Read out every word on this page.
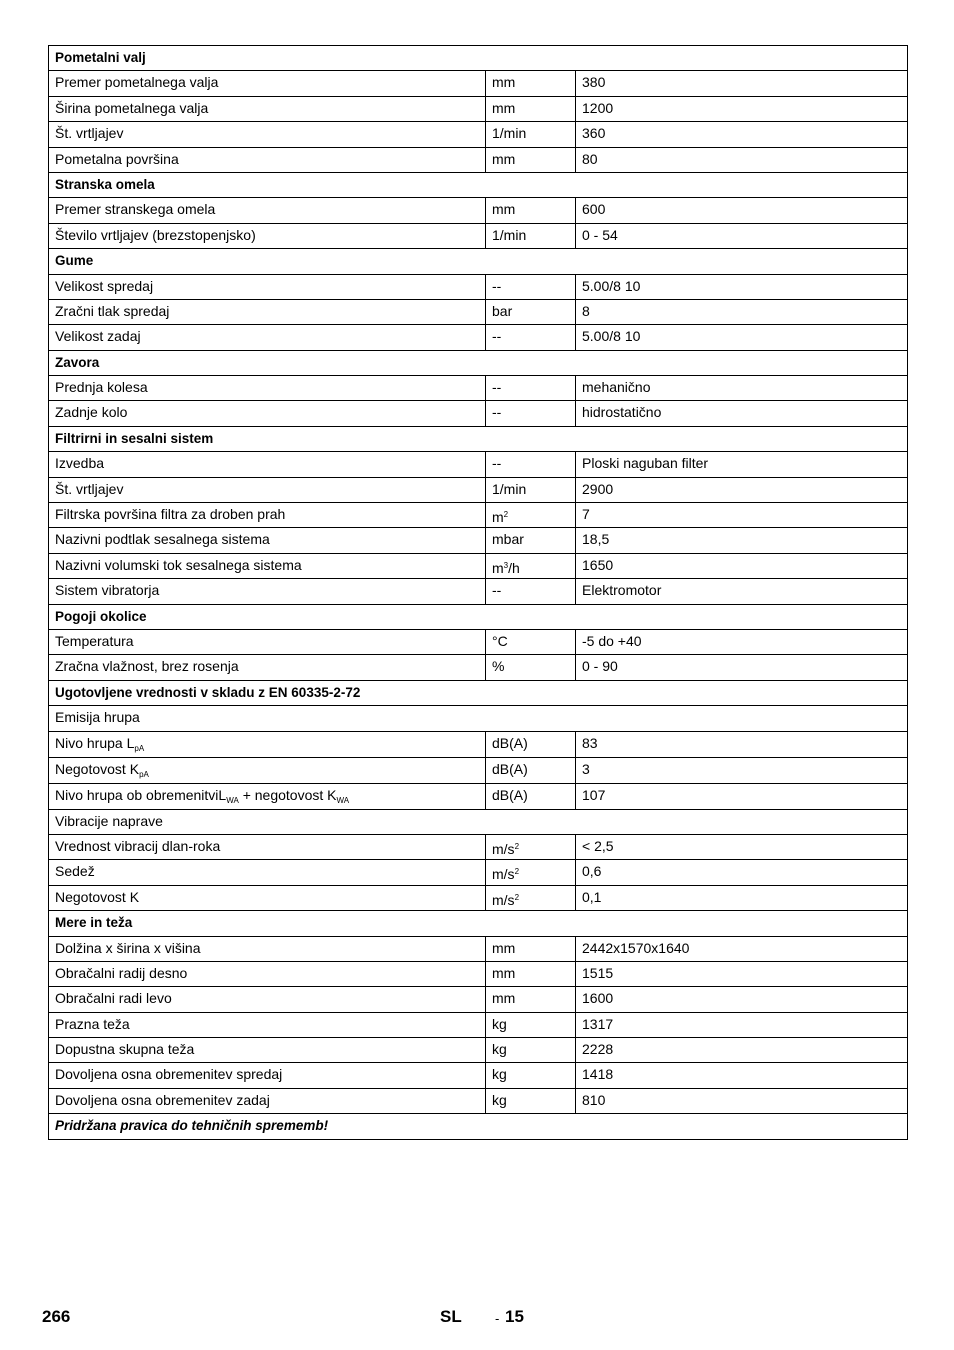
Pometalni valj		
Premer pometalnega valja	mm	380
Širina pometalnega valja	mm	1200
Št. vrtljajev	1/min	360
Pometalna površina	mm	80
Stranska omela		
Premer stranskega omela	mm	600
Število vrtljajev (brezstopenjsko)	1/min	0 - 54
Gume		
Velikost spredaj	--	5.00/8 10
Zračni tlak spredaj	bar	8
Velikost zadaj	--	5.00/8 10
Zavora		
Prednja kolesa	--	mehanično
Zadnje kolo	--	hidrostatično
Filtrirni in sesalni sistem		
Izvedba	--	Ploski naguban filter
Št. vrtljajev	1/min	2900
Filtrska površina filtra za droben prah	$m^2$	7
Nazivni podtlak sesalnega sistema	mbar	18,5
Nazivni volumski tok sesalnega sistema	$m^3/h$	1650
Sistem vibratorja	--	Elektromotor
Pogoji okolice		
Temperatura	°C	-5 do +40
Zračna vlažnost, brez rosenja	%	0 - 90
Ugotovljene vrednosti v skladu z EN 60335-2-72		
Emisija hrupa		
Nivo hrupa $L_{pA}$	dB(A)	83
Negotovost $K_{pA}$	dB(A)	3
Nivo hrupa ob obremenitviL$_{WA}$ + negotovost $K_{WA}$	dB(A)	107
Vibracije naprave		
Vrednost vibracij dlan-roka	$m/s^2$	< 2,5
Sedež	$m/s^2$	0,6
Negotovost K	$m/s^2$	0,1
Mere in teža		
Dolžina x širina x višina	mm	2442x1570x1640
Obračalni radij desno	mm	1515
Obračalni radi levo	mm	1600
Prazna teža	kg	1317
Dopustna skupna teža	kg	2228
Dovoljena osna obremenitev spredaj	kg	1418
Dovoljena osna obremenitev zadaj	kg	810
Pridržana pravica do tehničnih sprememb!		
266	SL	- 15
